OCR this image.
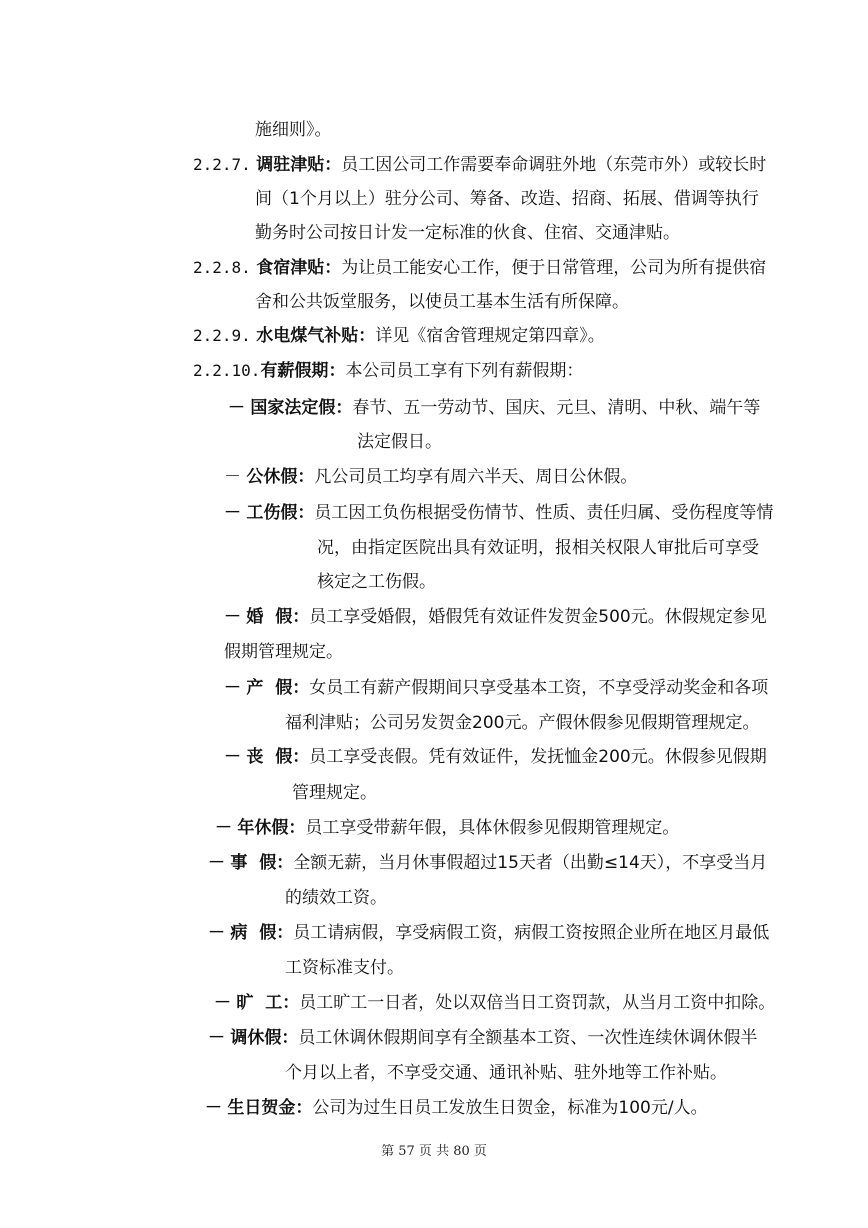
施细则》。
2.2.7. 调驻津贴：员工因公司工作需要奉命调驻外地（东莞市外）或较长时
间（1个月以上）驻分公司、筹备、改造、招商、拓展、借调等执行
勤务时公司按日计发一定标准的伙食、住宿、交通津贴。
2.2.8. 食宿津贴：为让员工能安心工作，便于日常管理，公司为所有提供宿
舍和公共饭堂服务，以使员工基本生活有所保障。
2.2.9. 水电煤气补贴：详见《宿舍管理规定第四章》。
2.2.10.有薪假期：本公司员工享有下列有薪假期：
－ 国家法定假：春节、五一劳动节、国庆、元旦、清明、中秋、端午等
法定假日。
－ 公休假：凡公司员工均享有周六半天、周日公休假。
－ 工伤假：员工因工负伤根据受伤情节、性质、责任归属、受伤程度等情
况，由指定医院出具有效证明，报相关权限人审批后可享受
核定之工伤假。
－ 婚  假：员工享受婚假，婚假凭有效证件发贺金500元。休假规定参见
假期管理规定。
－ 产  假：女员工有薪产假期间只享受基本工资，不享受浮动奖金和各项
福利津贴；公司另发贺金200元。产假休假参见假期管理规定。
－ 丧  假：员工享受丧假。凭有效证件，发抚恤金200元。休假参见假期
管理规定。
－ 年休假：员工享受带薪年假，具体休假参见假期管理规定。
－ 事  假：全额无薪，当月休事假超过15天者（出勤≤14天），不享受当月
的绩效工资。
－ 病  假：员工请病假，享受病假工资，病假工资按照企业所在地区月最低
工资标准支付。
－ 旷  工：员工旷工一日者，处以双倍当日工资罚款，从当月工资中扣除。
－ 调休假：员工休调休假期间享有全额基本工资、一次性连续休调休假半
个月以上者，不享受交通、通讯补贴、驻外地等工作补贴。
－ 生日贺金：公司为过生日员工发放生日贺金，标准为100元/人。
第 57 页 共 80 页
